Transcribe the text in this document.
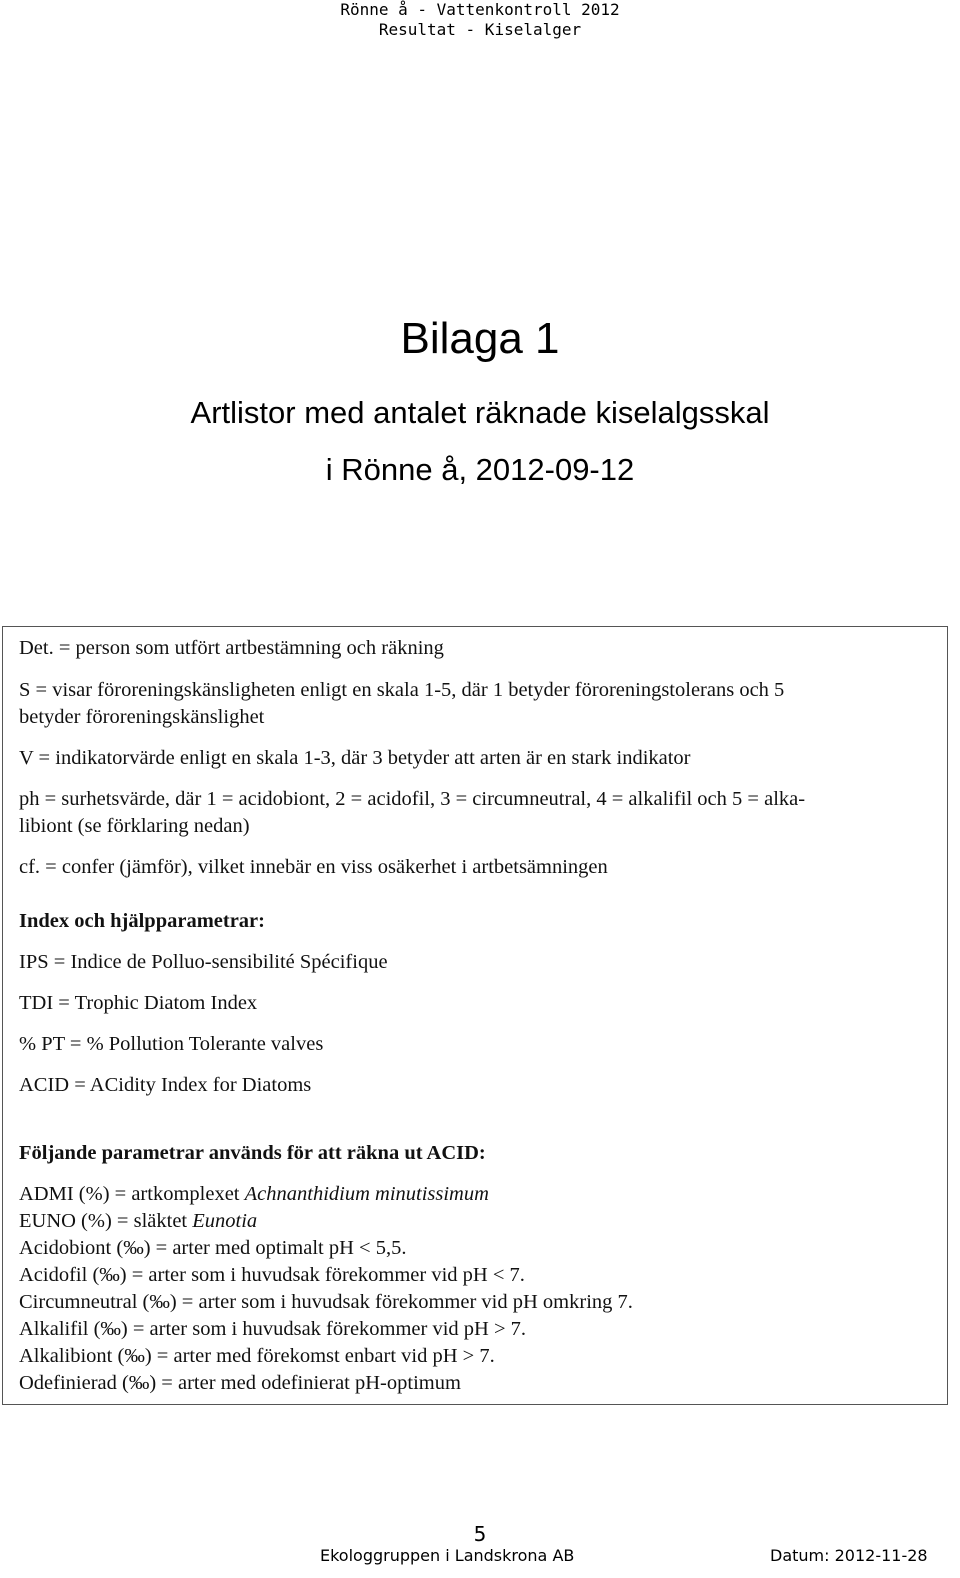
Rönne å - Vattenkontroll 2012
Resultat - Kiselalger
Bilaga 1
Artlistor med antalet räknade kiselalgsskal
i Rönne å, 2012-09-12
Det. = person som utfört artbestämning och räkning
S = visar föroreningskänsligheten enligt en skala 1-5, där 1 betyder föroreningstolerans och 5
betyder föroreningskänslighet
V = indikatorvärde enligt en skala 1-3, där 3 betyder att arten är en stark indikator
ph = surhetsvärde, där 1 = acidobiont, 2 = acidofil, 3 = circumneutral, 4 = alkalifil och 5 = alka-
libiont (se förklaring nedan)
cf. = confer (jämför), vilket innebär en viss osäkerhet i artbetsämningen
Index och hjälpparametrar:
IPS = Indice de Polluo-sensibilité Spécifique
TDI = Trophic Diatom Index
% PT = % Pollution Tolerante valves
ACID = ACidity Index for Diatoms
Följande parametrar används för att räkna ut ACID:
ADMI (%) = artkomplexet Achnanthidium minutissimum
EUNO (%) = släktet Eunotia
Acidobiont (‰) = arter med optimalt pH < 5,5.
Acidofil (‰) = arter som i huvudsak förekommer vid pH < 7.
Circumneutral (‰) = arter som i huvudsak förekommer vid pH omkring 7.
Alkalifil (‰) = arter som i huvudsak förekommer vid pH > 7.
Alkalibiont (‰) = arter med förekomst enbart vid pH > 7.
Odefinierad (‰) = arter med odefinierat pH-optimum
5
Ekologgruppen i Landskrona AB	Datum: 2012-11-28
